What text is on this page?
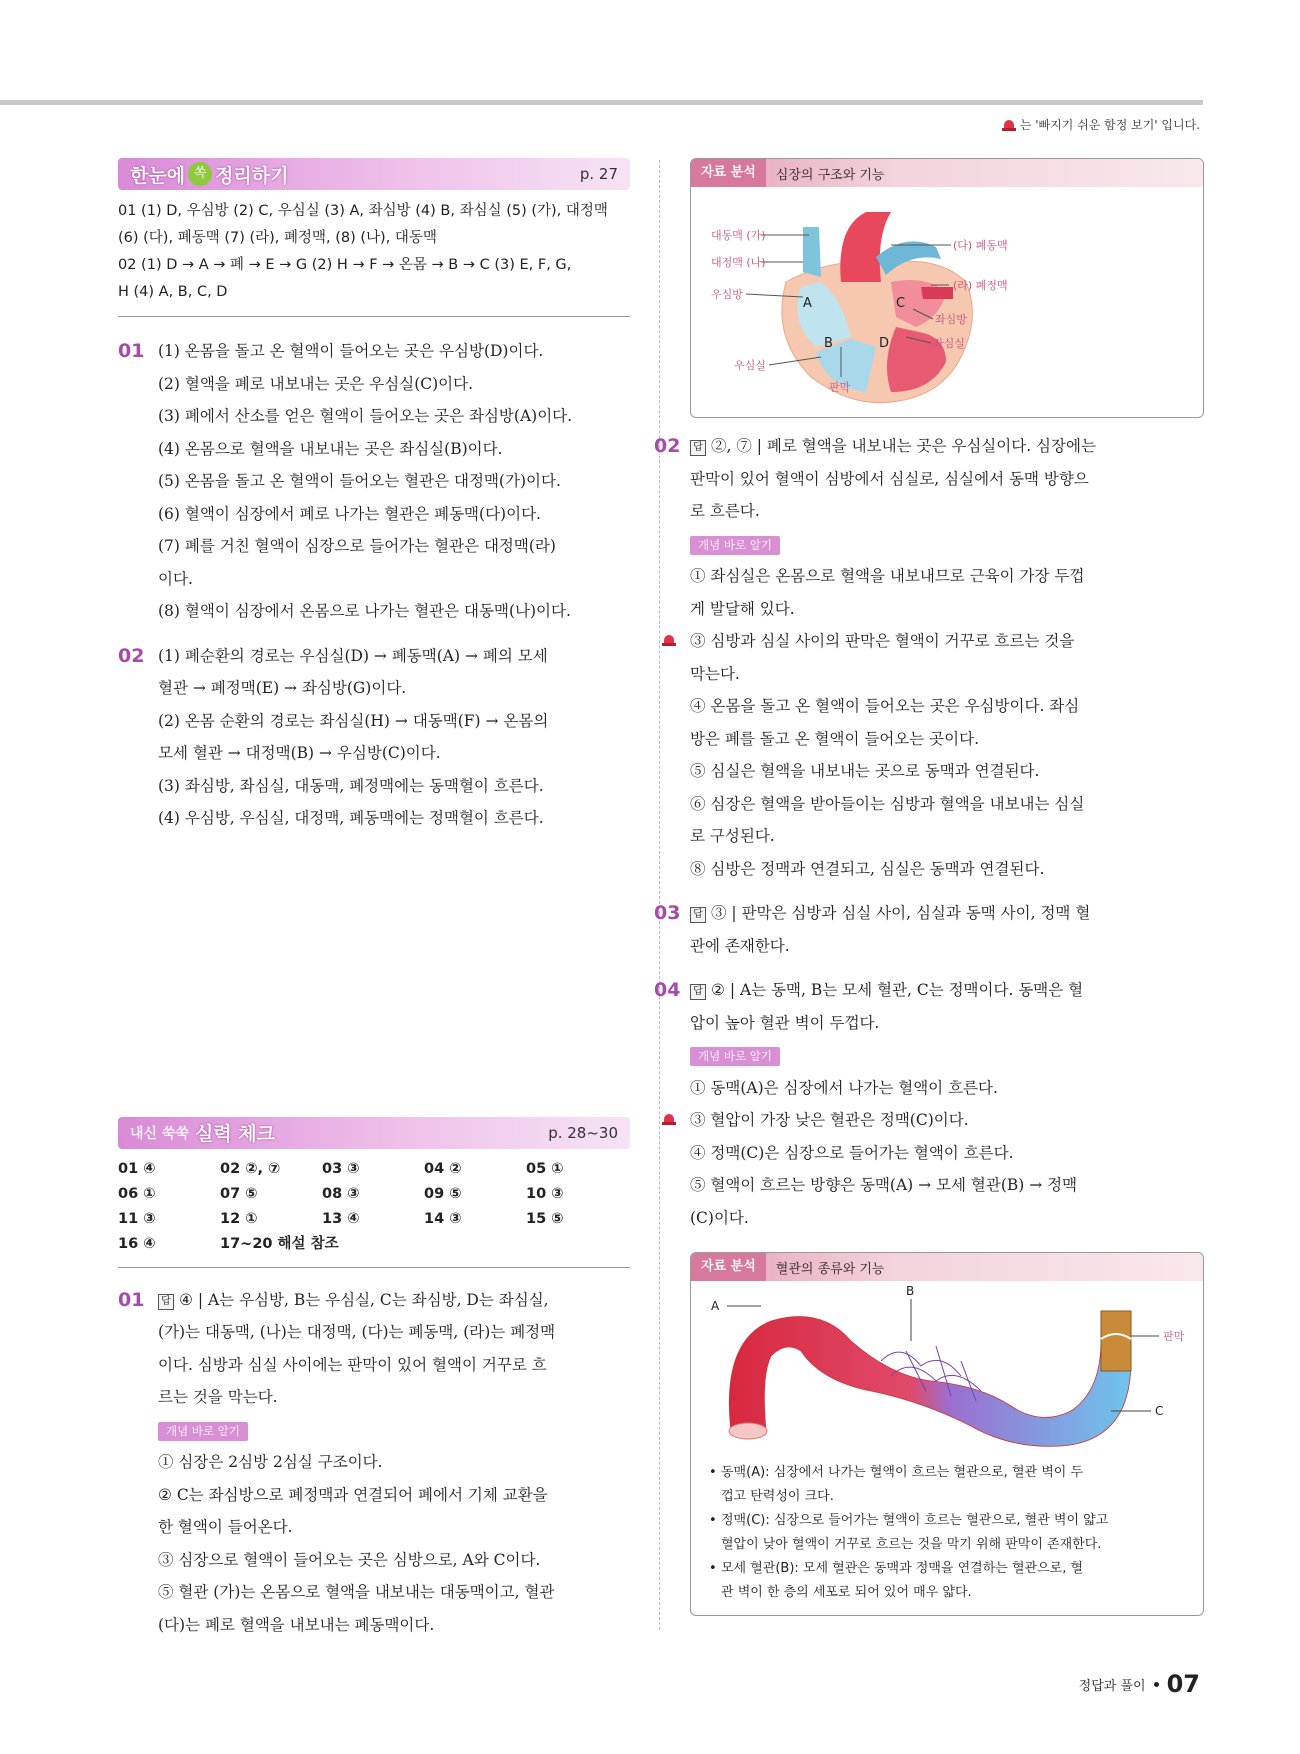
는 '빠지기 쉬운 함정 보기' 입니다.
한눈에 쏙 정리하기	p. 27
01 (1) D, 우심방 (2) C, 우심실 (3) A, 좌심방 (4) B, 좌심실 (5) (가), 대정맥
(6) (다), 폐동맥 (7) (라), 폐정맥, (8) (나), 대동맥
02 (1) D → A → 폐 → E → G (2) H → F → 온몸 → B → C (3) E, F, G,
H (4) A, B, C, D
01 (1) 온몸을 돌고 온 혈액이 들어오는 곳은 우심방(D)이다.

(2) 혈액을 폐로 내보내는 곳은 우심실(C)이다.

(3) 폐에서 산소를 얻은 혈액이 들어오는 곳은 좌심방(A)이다.

(4) 온몸으로 혈액을 내보내는 곳은 좌심실(B)이다.

(5) 온몸을 돌고 온 혈액이 들어오는 혈관은 대정맥(가)이다.

(6) 혈액이 심장에서 폐로 나가는 혈관은 폐동맥(다)이다.

(7) 폐를 거친 혈액이 심장으로 들어가는 혈관은 대정맥(라)

이다.

(8) 혈액이 심장에서 온몸으로 나가는 혈관은 대동맥(나)이다.

02 (1) 폐순환의 경로는 우심실(D) → 폐동맥(A) → 폐의 모세

혈관 → 폐정맥(E) → 좌심방(G)이다.

(2) 온몸 순환의 경로는 좌심실(H) → 대동맥(F) → 온몸의

모세 혈관 → 대정맥(B) → 우심방(C)이다.

(3) 좌심방, 좌심실, 대동맥, 폐정맥에는 동맥혈이 흐른다.

(4) 우심방, 우심실, 대정맥, 폐동맥에는 정맥혈이 흐른다.

내신 쑥쑥 실력 체크	p. 28~30
01 ④	02 ②, ⑦	03 ③	04 ②	05 ①
06 ①	07 ⑤	08 ③	09 ⑤	10 ③
11 ③	12 ①	13 ④	14 ③	15 ⑤
16 ④	17~20 해설 참조
01	답 ④ | A는 우심방, B는 우심실, C는 좌심방, D는 좌심실,

(가)는 대동맥, (나)는 대정맥, (다)는 폐동맥, (라)는 폐정맥

이다. 심방과 심실 사이에는 판막이 있어 혈액이 거꾸로 흐

르는 것을 막는다.

개념 바로 알기

① 심장은 2심방 2심실 구조이다.

② C는 좌심방으로 폐정맥과 연결되어 폐에서 기체 교환을

한 혈액이 들어온다.

③ 심장으로 혈액이 들어오는 곳은 심방으로, A와 C이다.

⑤ 혈관 (가)는 온몸으로 혈액을 내보내는 대동맥이고, 혈관

(다)는 폐로 혈액을 내보내는 폐동맥이다.

자료 분석	심장의 구조와 기능
대동맥 (가)
대정맥 (나)
우심방
우심실
(다) 폐동맥
(라) 폐정맥
좌심방
좌심실
판막
A
B
C
D
02	답 ②, ⑦ | 폐로 혈액을 내보내는 곳은 우심실이다. 심장에는

판막이 있어 혈액이 심방에서 심실로, 심실에서 동맥 방향으

로 흐른다.

개념 바로 알기

① 좌심실은 온몸으로 혈액을 내보내므로 근육이 가장 두껍

게 발달해 있다.

③ 심방과 심실 사이의 판막은 혈액이 거꾸로 흐르는 것을

막는다.

④ 온몸을 돌고 온 혈액이 들어오는 곳은 우심방이다. 좌심

방은 폐를 돌고 온 혈액이 들어오는 곳이다.

⑤ 심실은 혈액을 내보내는 곳으로 동맥과 연결된다.

⑥ 심장은 혈액을 받아들이는 심방과 혈액을 내보내는 심실

로 구성된다.

⑧ 심방은 정맥과 연결되고, 심실은 동맥과 연결된다.

03	답 ③ | 판막은 심방과 심실 사이, 심실과 동맥 사이, 정맥 혈

관에 존재한다.

04	답 ② | A는 동맥, B는 모세 혈관, C는 정맥이다. 동맥은 혈

압이 높아 혈관 벽이 두껍다.

개념 바로 알기

① 동맥(A)은 심장에서 나가는 혈액이 흐른다.

③ 혈압이 가장 낮은 혈관은 정맥(C)이다.

④ 정맥(C)은 심장으로 들어가는 혈액이 흐른다.

⑤ 혈액이 흐르는 방향은 동맥(A) → 모세 혈관(B) → 정맥

(C)이다.

자료 분석	혈관의 종류와 기능
A
B
판막
C
• 동맥(A): 심장에서 나가는 혈액이 흐르는 혈관으로, 혈관 벽이 두
껍고 탄력성이 크다.
• 정맥(C): 심장으로 들어가는 혈액이 흐르는 혈관으로, 혈관 벽이 얇고
혈압이 낮아 혈액이 거꾸로 흐르는 것을 막기 위해 판막이 존재한다.
• 모세 혈관(B): 모세 혈관은 동맥과 정맥을 연결하는 혈관으로, 혈
관 벽이 한 층의 세포로 되어 있어 매우 얇다.
정답과 풀이 07
